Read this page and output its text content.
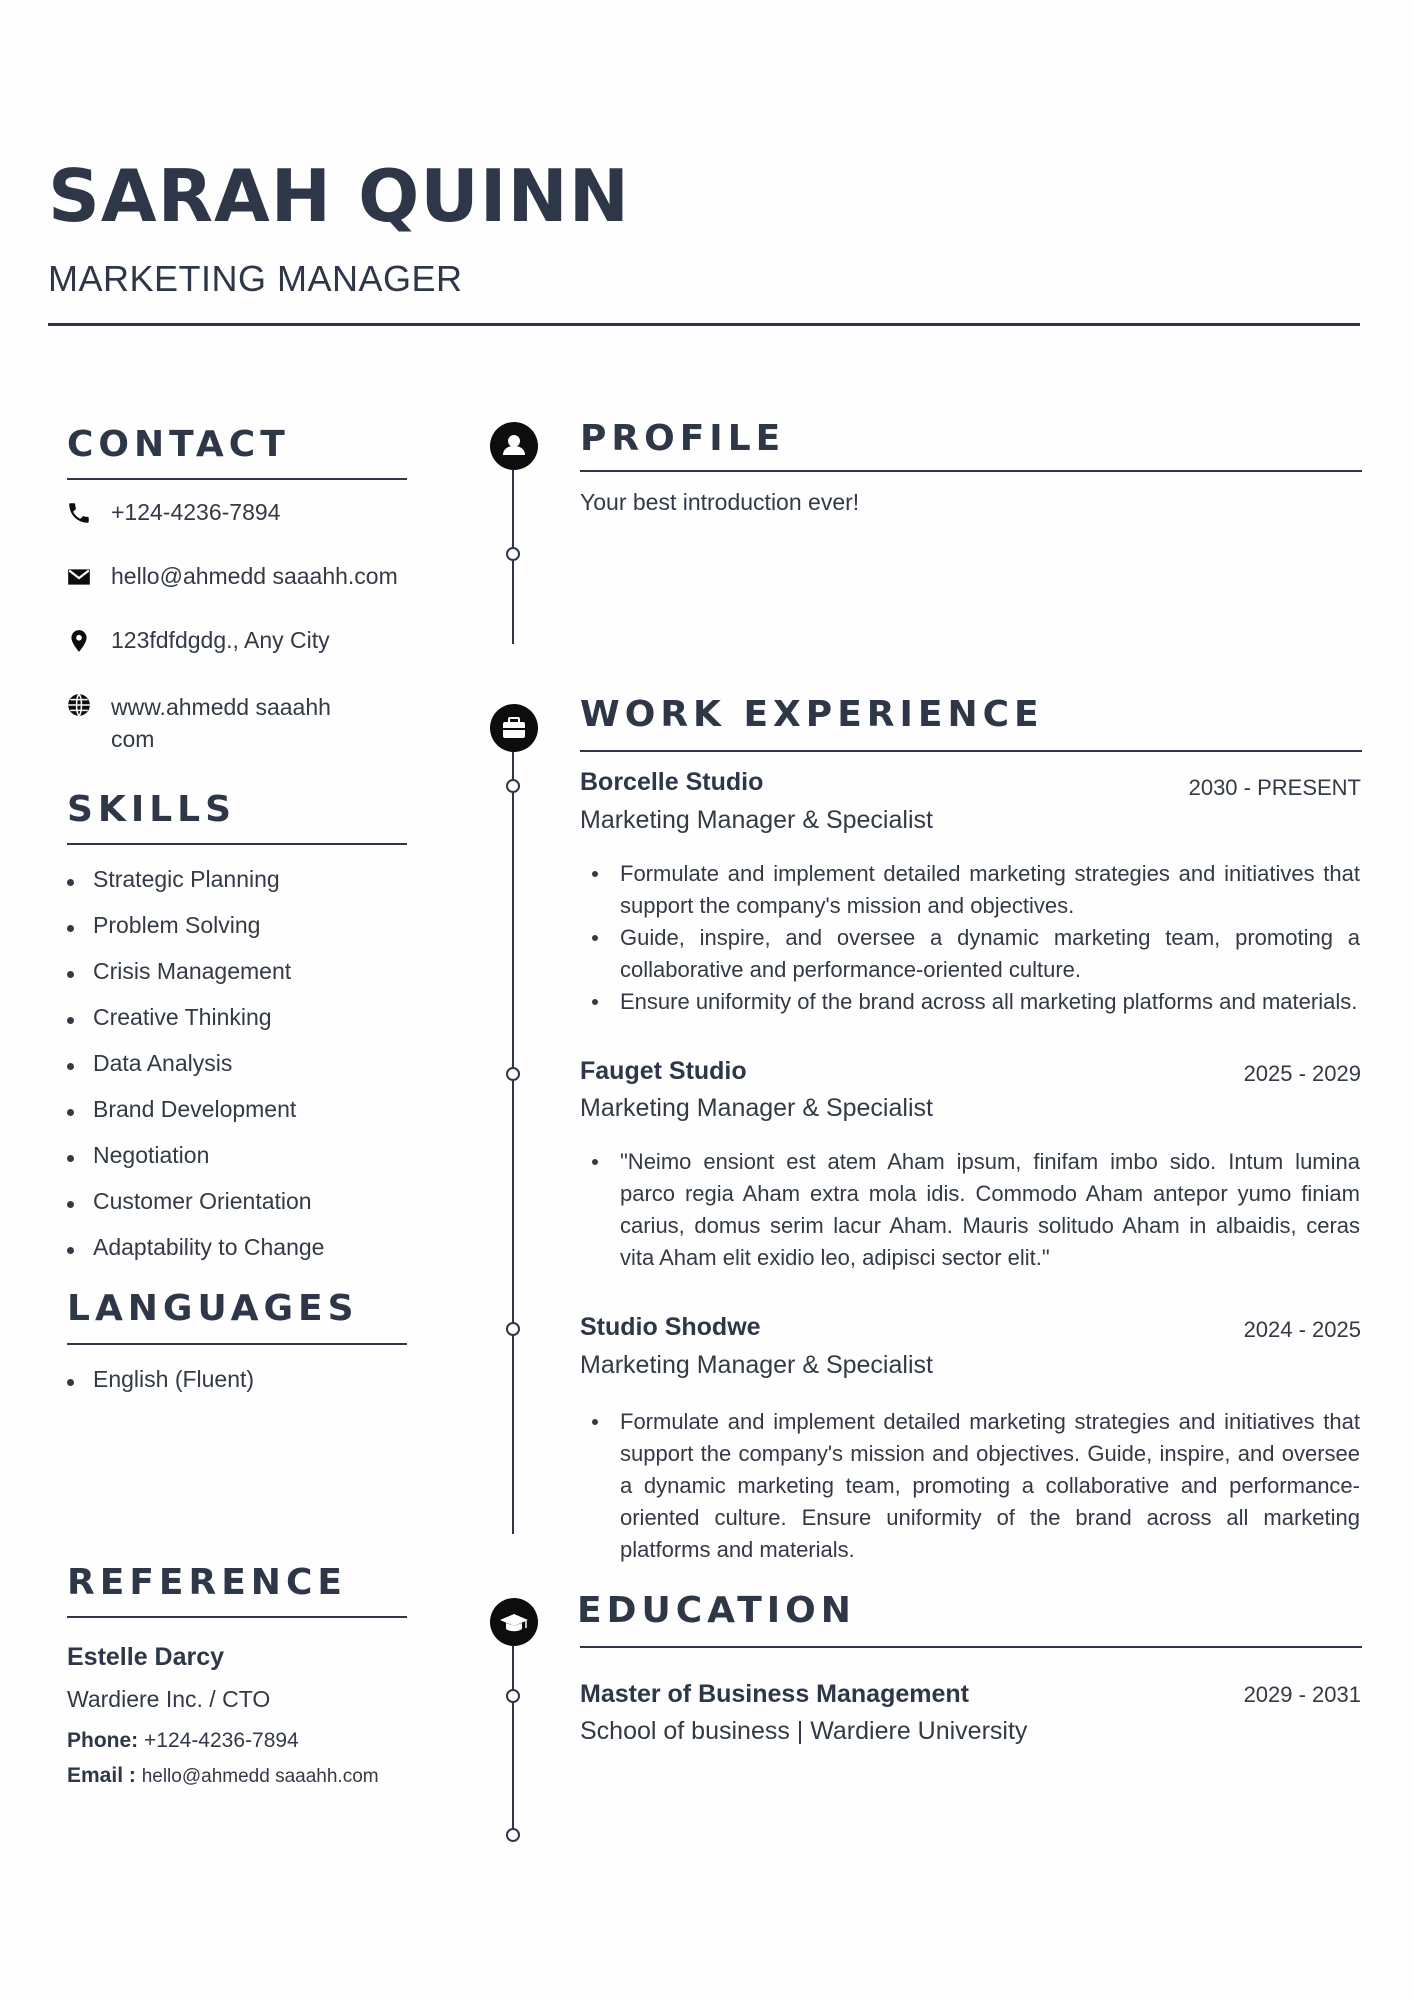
SARAH QUINN
MARKETING MANAGER
CONTACT
+124-4236-7894
hello@ahmedd saaahh.com
123fdfdgdg., Any City
www.ahmedd saaahh
com
SKILLS
Strategic Planning
Problem Solving
Crisis Management
Creative Thinking
Data Analysis
Brand Development
Negotiation
Customer Orientation
Adaptability to Change
LANGUAGES
English (Fluent)
REFERENCE
Estelle Darcy
Wardiere Inc. / CTO
Phone: +124-4236-7894
Email : hello@ahmedd saaahh.com
PROFILE
Your best introduction ever!
WORK EXPERIENCE
Borcelle Studio	2030 - PRESENT
Marketing Manager & Specialist
Formulate and implement detailed marketing strategies and initiatives that support the company's mission and objectives.
Guide, inspire, and oversee a dynamic marketing team, promoting a collaborative and performance-oriented culture.
Ensure uniformity of the brand across all marketing platforms and materials.
Fauget Studio	2025 - 2029
Marketing Manager & Specialist
"Neimo ensiont est atem Aham ipsum, finifam imbo sido. Intum lumina parco regia Aham extra mola idis. Commodo Aham antepor yumo finiam carius, domus serim lacur Aham. Mauris solitudo Aham in albaidis, ceras vita Aham elit exidio leo, adipisci sector elit."
Studio Shodwe	2024 - 2025
Marketing Manager & Specialist
Formulate and implement detailed marketing strategies and initiatives that support the company's mission and objectives. Guide, inspire, and oversee a dynamic marketing team, promoting a collaborative and performance-oriented culture. Ensure uniformity of the brand across all marketing platforms and materials.
EDUCATION
Master of Business Management	2029 - 2031
School of business | Wardiere University
